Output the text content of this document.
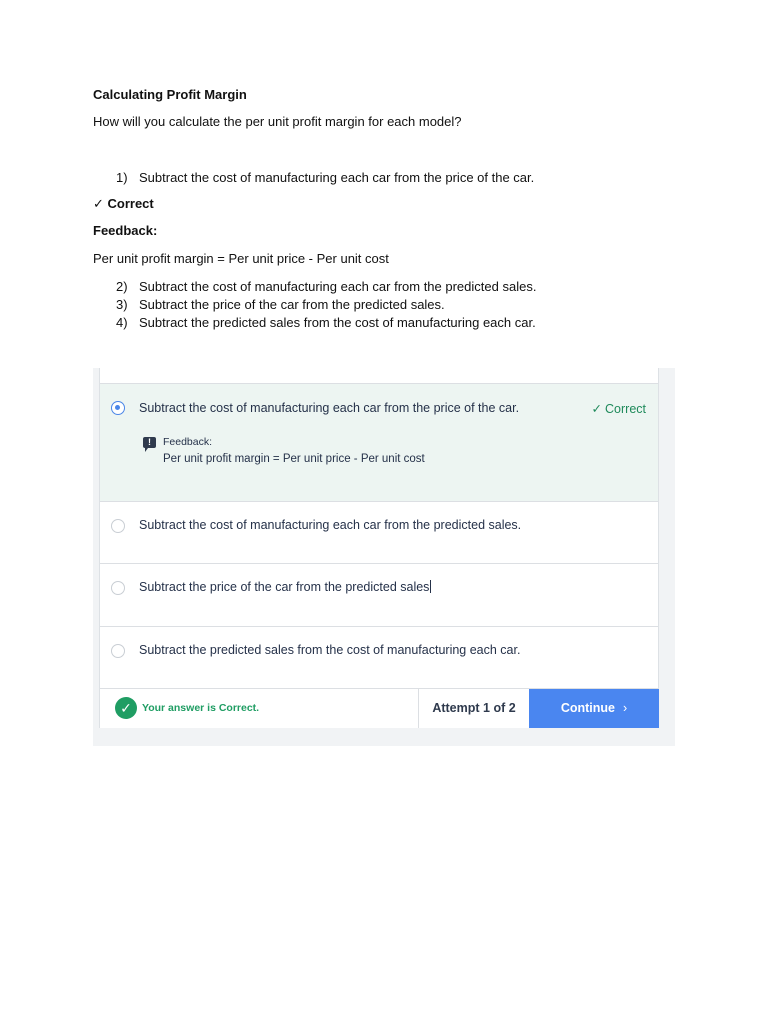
Calculating Profit Margin
How will you calculate the per unit profit margin for each model?
1) Subtract the cost of manufacturing each car from the price of the car.
✓ Correct
Feedback:
Per unit profit margin = Per unit price - Per unit cost
2) Subtract the cost of manufacturing each car from the predicted sales.
3) Subtract the price of the car from the predicted sales.
4) Subtract the predicted sales from the cost of manufacturing each car.
Subtract the cost of manufacturing each car from the price of the car.	✓ Correct
!	Feedback:
Per unit profit margin = Per unit price - Per unit cost
Subtract the cost of manufacturing each car from the predicted sales.
Subtract the price of the car from the predicted sales
Subtract the predicted sales from the cost of manufacturing each car.
✓ Your answer is Correct.	Attempt 1 of 2	Continue ›
